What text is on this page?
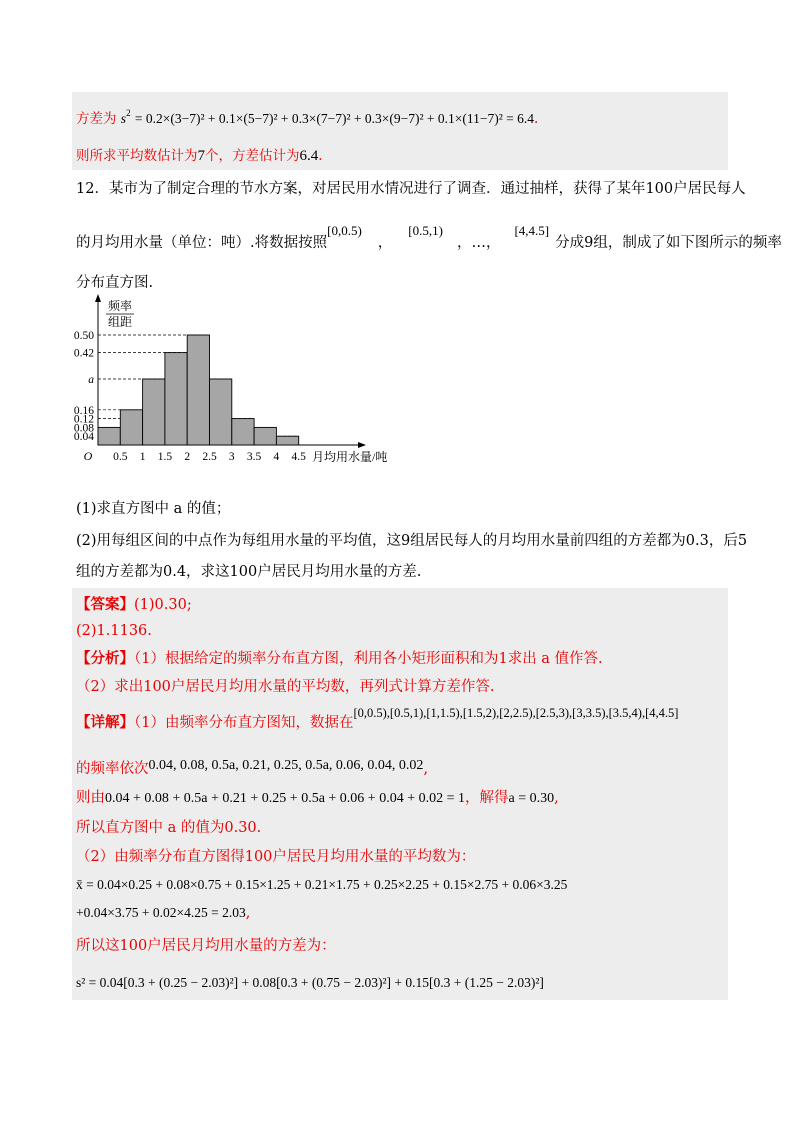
方差为 $s^2 = 0.2\times(3-7)^2 + 0.1\times(5-7)^2 + 0.3\times(7-7)^2 + 0.3\times(9-7)^2 + 0.1\times(11-7)^2 = 6.4$.
则所求平均数估计为7个，方差估计为6.4.
12．某市为了制定合理的节水方案，对居民用水情况进行了调查．通过抽样，获得了某年100户居民每人
的月均用水量（单位：吨）.将数据按照[0,0.5)，[0.5,1)，…，[4,4.5]分成9组，制成了如下图所示的频率
分布直方图.
0.50
0.42
a
0.16
0.12
0.08
0.04
0.5 1 1.5 2 2.5 3 3.5 4 4.5
O
频率
组距
月均用水量/吨
(1)求直方图中 a 的值；
(2)用每组区间的中点作为每组用水量的平均值，这9组居民每人的月均用水量前四组的方差都为0.3，后5
组的方差都为0.4，求这100户居民月均用水量的方差.
【答案】(1)0.30;
(2)1.1136.
【分析】（1）根据给定的频率分布直方图，利用各小矩形面积和为1求出 a 值作答.
（2）求出100户居民月均用水量的平均数，再列式计算方差作答.
【详解】（1）由频率分布直方图知，数据在[0,0.5),[0.5,1),[1,1.5),[1.5,2),[2,2.5),[2.5,3),[3,3.5),[3.5,4),[4,4.5]
的频率依次0.04, 0.08, 0.5a, 0.21, 0.25, 0.5a, 0.06, 0.04, 0.02,
则由0.04 + 0.08 + 0.5a + 0.21 + 0.25 + 0.5a + 0.06 + 0.04 + 0.02 = 1，解得a = 0.30,
所以直方图中 a 的值为0.30.
（2）由频率分布直方图得100户居民月均用水量的平均数为：
x̄ = 0.04×0.25 + 0.08×0.75 + 0.15×1.25 + 0.21×1.75 + 0.25×2.25 + 0.15×2.75 + 0.06×3.25
+0.04×3.75 + 0.02×4.25 = 2.03,
所以这100户居民月均用水量的方差为：
s² = 0.04[0.3 + (0.25 − 2.03)²] + 0.08[0.3 + (0.75 − 2.03)²] + 0.15[0.3 + (1.25 − 2.03)²]
